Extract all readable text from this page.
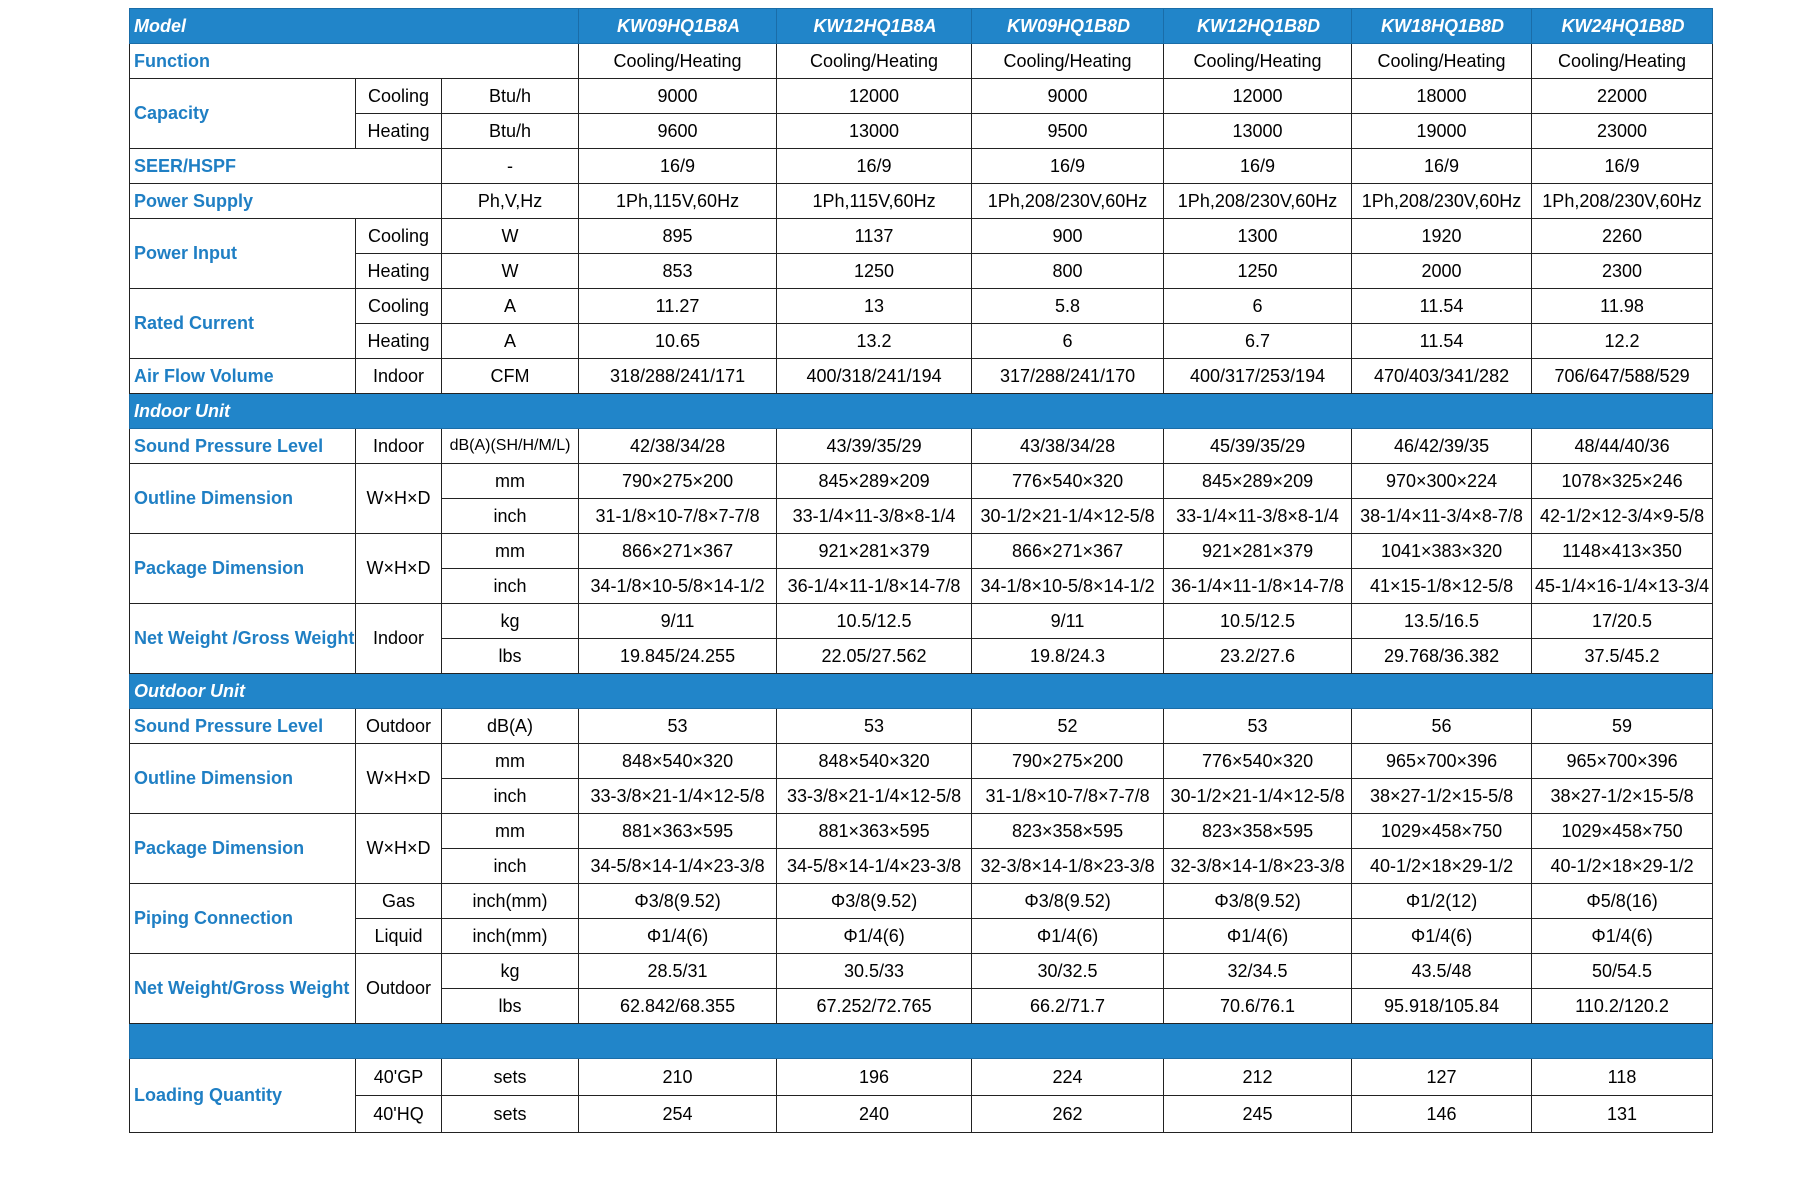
Model			KW09HQ1B8A	KW12HQ1B8A	KW09HQ1B8D	KW12HQ1B8D	KW18HQ1B8D	KW24HQ1B8D
Function			Cooling/Heating	Cooling/Heating	Cooling/Heating	Cooling/Heating	Cooling/Heating	Cooling/Heating
Capacity	Cooling	Btu/h	9000	12000	9000	12000	18000	22000
	Heating	Btu/h	9600	13000	9500	13000	19000	23000
SEER/HSPF		-	16/9	16/9	16/9	16/9	16/9	16/9
Power Supply		Ph,V,Hz	1Ph,115V,60Hz	1Ph,115V,60Hz	1Ph,208/230V,60Hz	1Ph,208/230V,60Hz	1Ph,208/230V,60Hz	1Ph,208/230V,60Hz
Power Input	Cooling	W	895	1137	900	1300	1920	2260
	Heating	W	853	1250	800	1250	2000	2300
Rated Current	Cooling	A	11.27	13	5.8	6	11.54	11.98
	Heating	A	10.65	13.2	6	6.7	11.54	12.2
Air Flow Volume	Indoor	CFM	318/288/241/171	400/318/241/194	317/288/241/170	400/317/253/194	470/403/341/282	706/647/588/529
Indoor Unit								
Sound Pressure Level	Indoor	dB(A)(SH/H/M/L)	42/38/34/28	43/39/35/29	43/38/34/28	45/39/35/29	46/42/39/35	48/44/40/36
Outline Dimension	W×H×D	mm	790×275×200	845×289×209	776×540×320	845×289×209	970×300×224	1078×325×246
		inch	31-1/8×10-7/8×7-7/8	33-1/4×11-3/8×8-1/4	30-1/2×21-1/4×12-5/8	33-1/4×11-3/8×8-1/4	38-1/4×11-3/4×8-7/8	42-1/2×12-3/4×9-5/8
Package Dimension	W×H×D	mm	866×271×367	921×281×379	866×271×367	921×281×379	1041×383×320	1148×413×350
		inch	34-1/8×10-5/8×14-1/2	36-1/4×11-1/8×14-7/8	34-1/8×10-5/8×14-1/2	36-1/4×11-1/8×14-7/8	41×15-1/8×12-5/8	45-1/4×16-1/4×13-3/4
Net Weight /Gross Weight	Indoor	kg	9/11	10.5/12.5	9/11	10.5/12.5	13.5/16.5	17/20.5
		lbs	19.845/24.255	22.05/27.562	19.8/24.3	23.2/27.6	29.768/36.382	37.5/45.2
Outdoor Unit								
Sound Pressure Level	Outdoor	dB(A)	53	53	52	53	56	59
Outline Dimension	W×H×D	mm	848×540×320	848×540×320	790×275×200	776×540×320	965×700×396	965×700×396
		inch	33-3/8×21-1/4×12-5/8	33-3/8×21-1/4×12-5/8	31-1/8×10-7/8×7-7/8	30-1/2×21-1/4×12-5/8	38×27-1/2×15-5/8	38×27-1/2×15-5/8
Package Dimension	W×H×D	mm	881×363×595	881×363×595	823×358×595	823×358×595	1029×458×750	1029×458×750
		inch	34-5/8×14-1/4×23-3/8	34-5/8×14-1/4×23-3/8	32-3/8×14-1/8×23-3/8	32-3/8×14-1/8×23-3/8	40-1/2×18×29-1/2	40-1/2×18×29-1/2
Piping Connection	Gas	inch(mm)	Φ3/8(9.52)	Φ3/8(9.52)	Φ3/8(9.52)	Φ3/8(9.52)	Φ1/2(12)	Φ5/8(16)
	Liquid	inch(mm)	Φ1/4(6)	Φ1/4(6)	Φ1/4(6)	Φ1/4(6)	Φ1/4(6)	Φ1/4(6)
Net Weight/Gross Weight	Outdoor	kg	28.5/31	30.5/33	30/32.5	32/34.5	43.5/48	50/54.5
		lbs	62.842/68.355	67.252/72.765	66.2/71.7	70.6/76.1	95.918/105.84	110.2/120.2

Loading Quantity	40'GP	sets	210	196	224	212	127	118
	40'HQ	sets	254	240	262	245	146	131
